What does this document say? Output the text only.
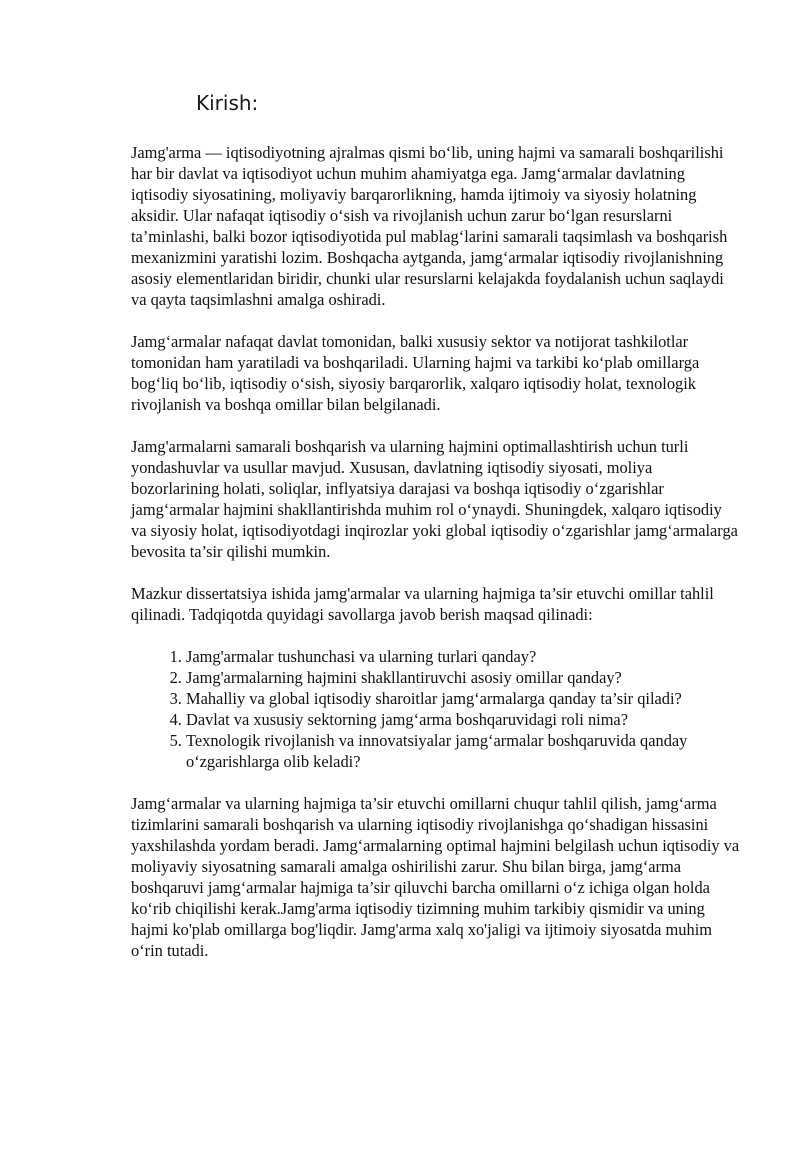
Kirish:

Jamg'arma — iqtisodiyotning ajralmas qismi bo‘lib, uning hajmi va samarali boshqarilishi har bir davlat va iqtisodiyot uchun muhim ahamiyatga ega. Jamg‘armalar davlatning iqtisodiy siyosatining, moliyaviy barqarorlikning, hamda ijtimoiy va siyosiy holatning aksidir. Ular nafaqat iqtisodiy o‘sish va rivojlanish uchun zarur bo‘lgan resurslarni ta’minlashi, balki bozor iqtisodiyotida pul mablag‘larini samarali taqsimlash va boshqarish mexanizmini yaratishi lozim. Boshqacha aytganda, jamg‘armalar iqtisodiy rivojlanishning asosiy elementlaridan biridir, chunki ular resurslarni kelajakda foydalanish uchun saqlaydi va qayta taqsimlashni amalga oshiradi.

Jamg‘armalar nafaqat davlat tomonidan, balki xususiy sektor va notijorat tashkilotlar tomonidan ham yaratiladi va boshqariladi. Ularning hajmi va tarkibi ko‘plab omillarga bog‘liq bo‘lib, iqtisodiy o‘sish, siyosiy barqarorlik, xalqaro iqtisodiy holat, texnologik rivojlanish va boshqa omillar bilan belgilanadi.

Jamg'armalarni samarali boshqarish va ularning hajmini optimallashtirish uchun turli yondashuvlar va usullar mavjud. Xususan, davlatning iqtisodiy siyosati, moliya bozorlarining holati, soliqlar, inflyatsiya darajasi va boshqa iqtisodiy o‘zgarishlar jamg‘armalar hajmini shakllantirishda muhim rol o‘ynaydi. Shuningdek, xalqaro iqtisodiy va siyosiy holat, iqtisodiyotdagi inqirozlar yoki global iqtisodiy o‘zgarishlar jamg‘armalarga bevosita ta’sir qilishi mumkin.

Mazkur dissertatsiya ishida jamg'armalar va ularning hajmiga ta’sir etuvchi omillar tahlil qilinadi. Tadqiqotda quyidagi savollarga javob berish maqsad qilinadi:

1. Jamg'armalar tushunchasi va ularning turlari qanday?
2. Jamg'armalarning hajmini shakllantiruvchi asosiy omillar qanday?
3. Mahalliy va global iqtisodiy sharoitlar jamg‘armalarga qanday ta’sir qiladi?
4. Davlat va xususiy sektorning jamg‘arma boshqaruvidagi roli nima?
5. Texnologik rivojlanish va innovatsiyalar jamg‘armalar boshqaruvida qanday o‘zgarishlarga olib keladi?

Jamg‘armalar va ularning hajmiga ta’sir etuvchi omillarni chuqur tahlil qilish, jamg‘arma tizimlarini samarali boshqarish va ularning iqtisodiy rivojlanishga qo‘shadigan hissasini yaxshilashda yordam beradi. Jamg‘armalarning optimal hajmini belgilash uchun iqtisodiy va moliyaviy siyosatning samarali amalga oshirilishi zarur. Shu bilan birga, jamg‘arma boshqaruvi jamg‘armalar hajmiga ta’sir qiluvchi barcha omillarni o‘z ichiga olgan holda ko‘rib chiqilishi kerak.Jamg'arma iqtisodiy tizimning muhim tarkibiy qismidir va uning hajmi ko'plab omillarga bog'liqdir. Jamg'arma xalq xo'jaligi va ijtimoiy siyosatda muhim o‘rin tutadi.
